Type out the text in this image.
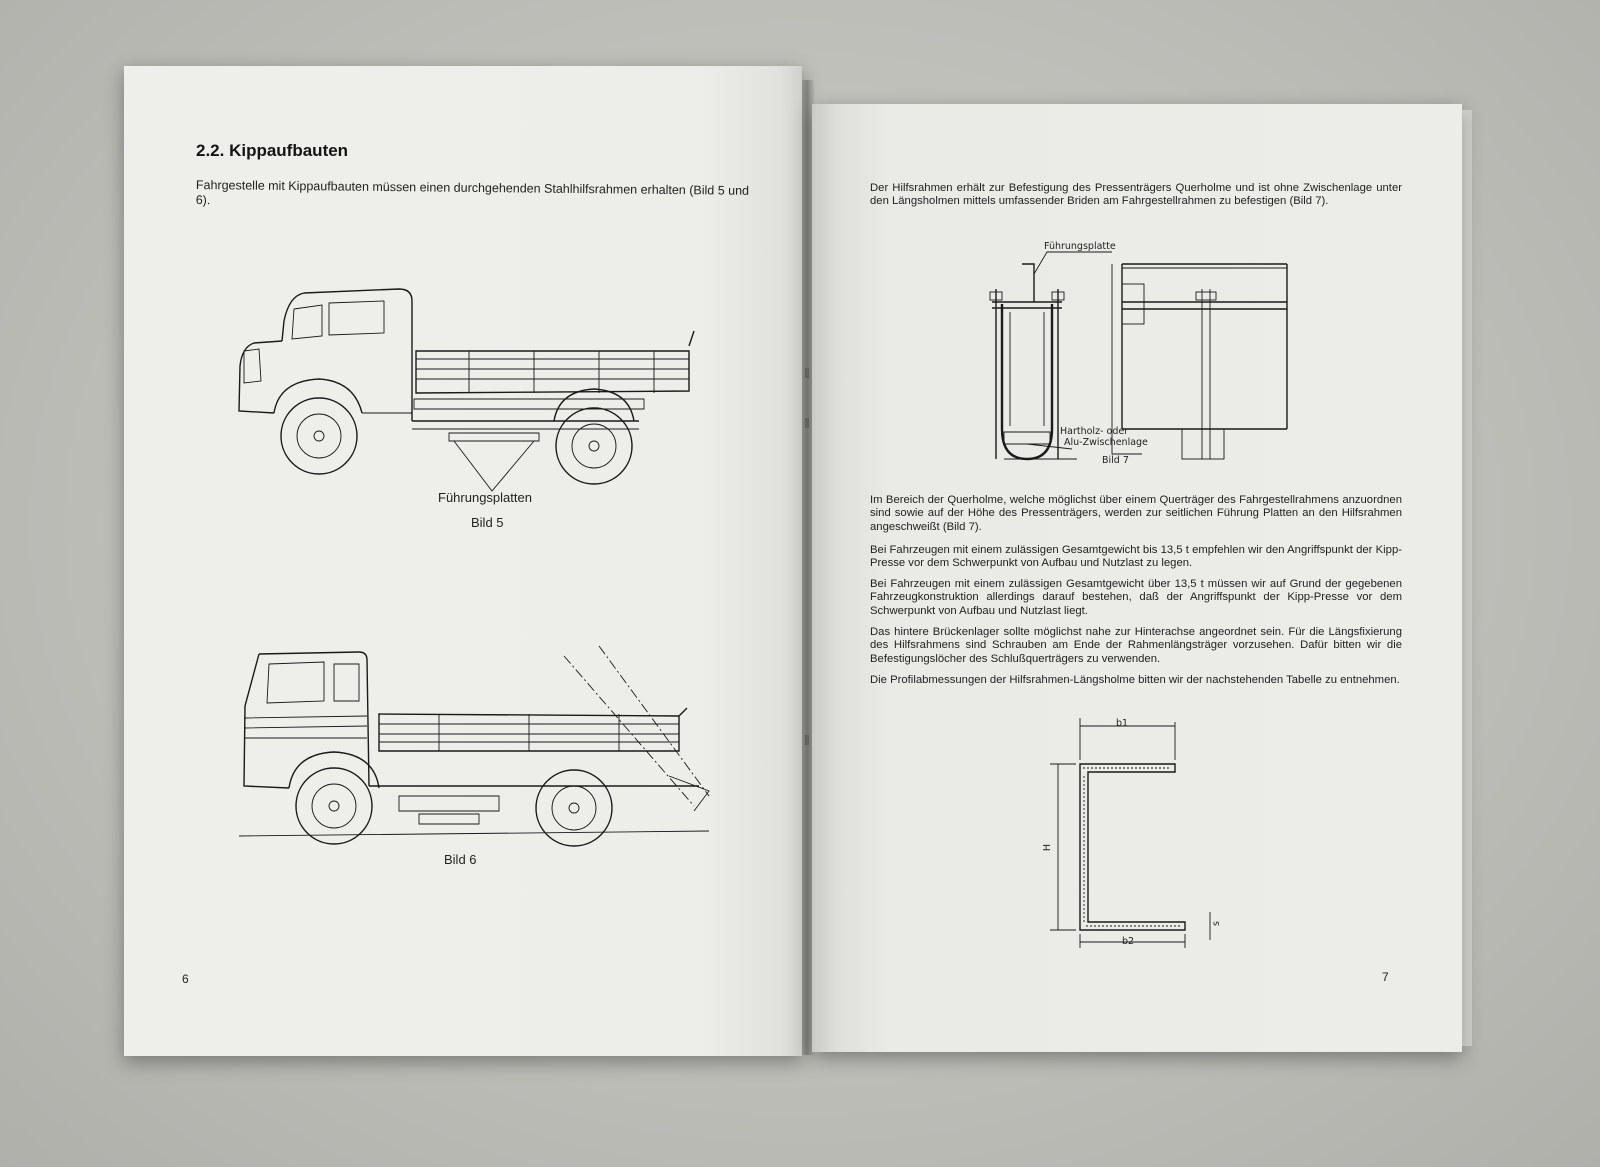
2.2. Kippaufbauten
Fahrgestelle mit Kippaufbauten müssen einen durchgehenden Stahlhilfsrahmen erhalten (Bild 5 und 6).
Führungsplatten
Bild 5
Bild 6
6
Der Hilfsrahmen erhält zur Befestigung des Pressenträgers Querholme und ist ohne Zwischenlage unter den Längsholmen mittels umfassender Briden am Fahrgestellrahmen zu befestigen (Bild 7).
Führungsplatte
Hartholz- oder
Alu-Zwischenlage
Bild 7
Im Bereich der Querholme, welche möglichst über einem Querträger des Fahrgestellrahmens anzuordnen sind sowie auf der Höhe des Pressenträgers, werden zur seitlichen Führung Platten an den Hilfsrahmen angeschweißt (Bild 7).
Bei Fahrzeugen mit einem zulässigen Gesamtgewicht bis 13,5 t empfehlen wir den Angriffspunkt der Kipp-Presse vor dem Schwerpunkt von Aufbau und Nutzlast zu legen.
Bei Fahrzeugen mit einem zulässigen Gesamtgewicht über 13,5 t müssen wir auf Grund der gegebenen Fahrzeugkonstruktion allerdings darauf bestehen, daß der Angriffspunkt der Kipp-Presse vor dem Schwerpunkt von Aufbau und Nutzlast liegt.
Das hintere Brückenlager sollte möglichst nahe zur Hinterachse angeordnet sein. Für die Längsfixierung des Hilfsrahmens sind Schrauben am Ende der Rahmenlängsträger vorzusehen. Dafür bitten wir die Befestigungslöcher des Schlußquerträgers zu verwenden.
Die Profilabmessungen der Hilfsrahmen-Längsholme bitten wir der nachstehenden Tabelle zu entnehmen.
b1
b2
H
s
7
